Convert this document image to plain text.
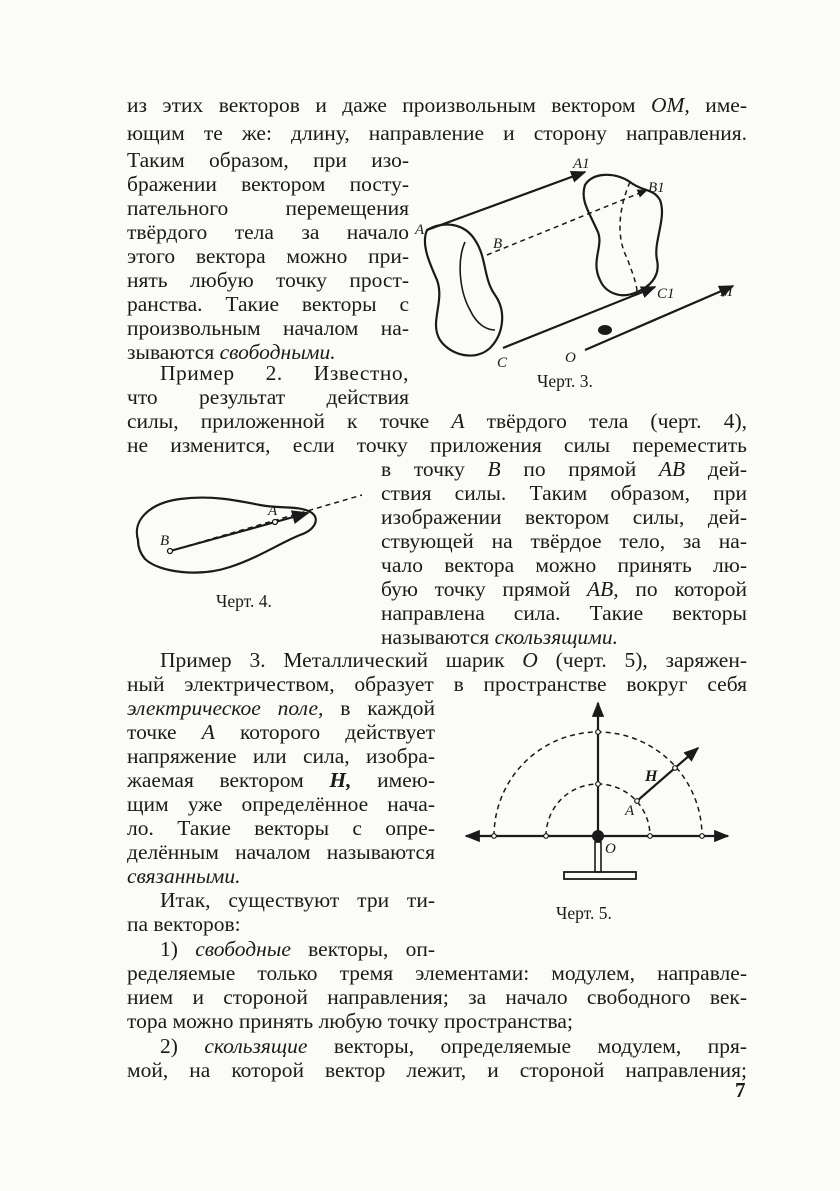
из этих векторов и даже произвольным вектором OM, име-
ющим те же: длину, направление и сторону направления.
Таким образом, при изо-
бражении вектором посту-
пательного перемещения
твёрдого тела за начало
этого вектора можно при-
нять любую точку прост-
ранства. Такие векторы с
произвольным началом на-
зываются свободными.
Пример 2. Известно,
что результат действия
силы, приложенной к точке A твёрдого тела (черт. 4),
не изменится, если точку приложения силы переместить
в точку B по прямой AB дей-
ствия силы. Таким образом, при
изображении вектором силы, дей-
ствующей на твёрдое тело, за на-
чало вектора можно принять лю-
бую точку прямой AB, по которой
направлена сила. Такие векторы
называются скользящими.
Пример 3. Металлический шарик O (черт. 5), заряжен-
ный электричеством, образует в пространстве вокруг себя
электрическое поле, в каждой
точке A которого действует
напряжение или сила, изобра-
жаемая вектором H, имею-
щим уже определённое нача-
ло. Такие векторы с опре-
делённым началом называются
связанными.
Итак, существуют три ти-
па векторов:
1) свободные векторы, оп-
ределяемые только тремя элементами: модулем, направле-
нием и стороной направления; за начало свободного век-
тора можно принять любую точку пространства;
2) скользящие векторы, определяемые модулем, пря-
мой, на которой вектор лежит, и стороной направления;
7
A
A1
B
B1
C
C1
O
M
Черт. 3.
B
A
Черт. 4.
A
H
O
Черт. 5.
